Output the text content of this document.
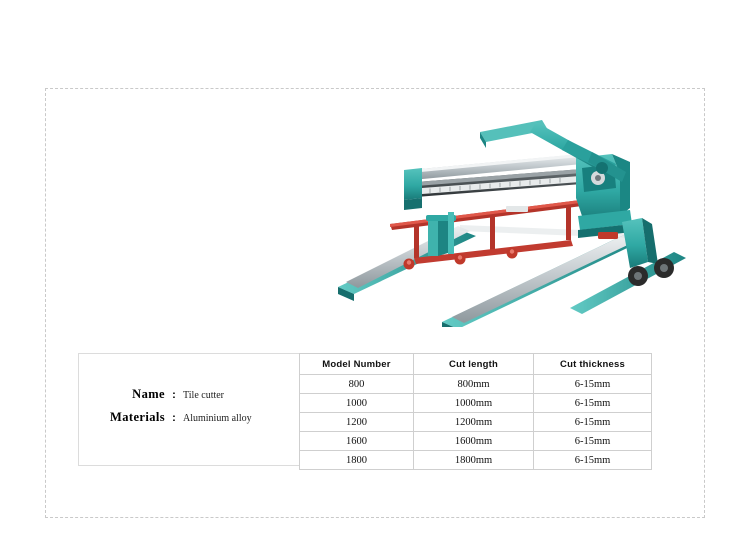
Name : Tile cutter
Materials : Aluminium alloy
Model Number	Cut length	Cut thickness
800	800mm	6-15mm
1000	1000mm	6-15mm
1200	1200mm	6-15mm
1600	1600mm	6-15mm
1800	1800mm	6-15mm
